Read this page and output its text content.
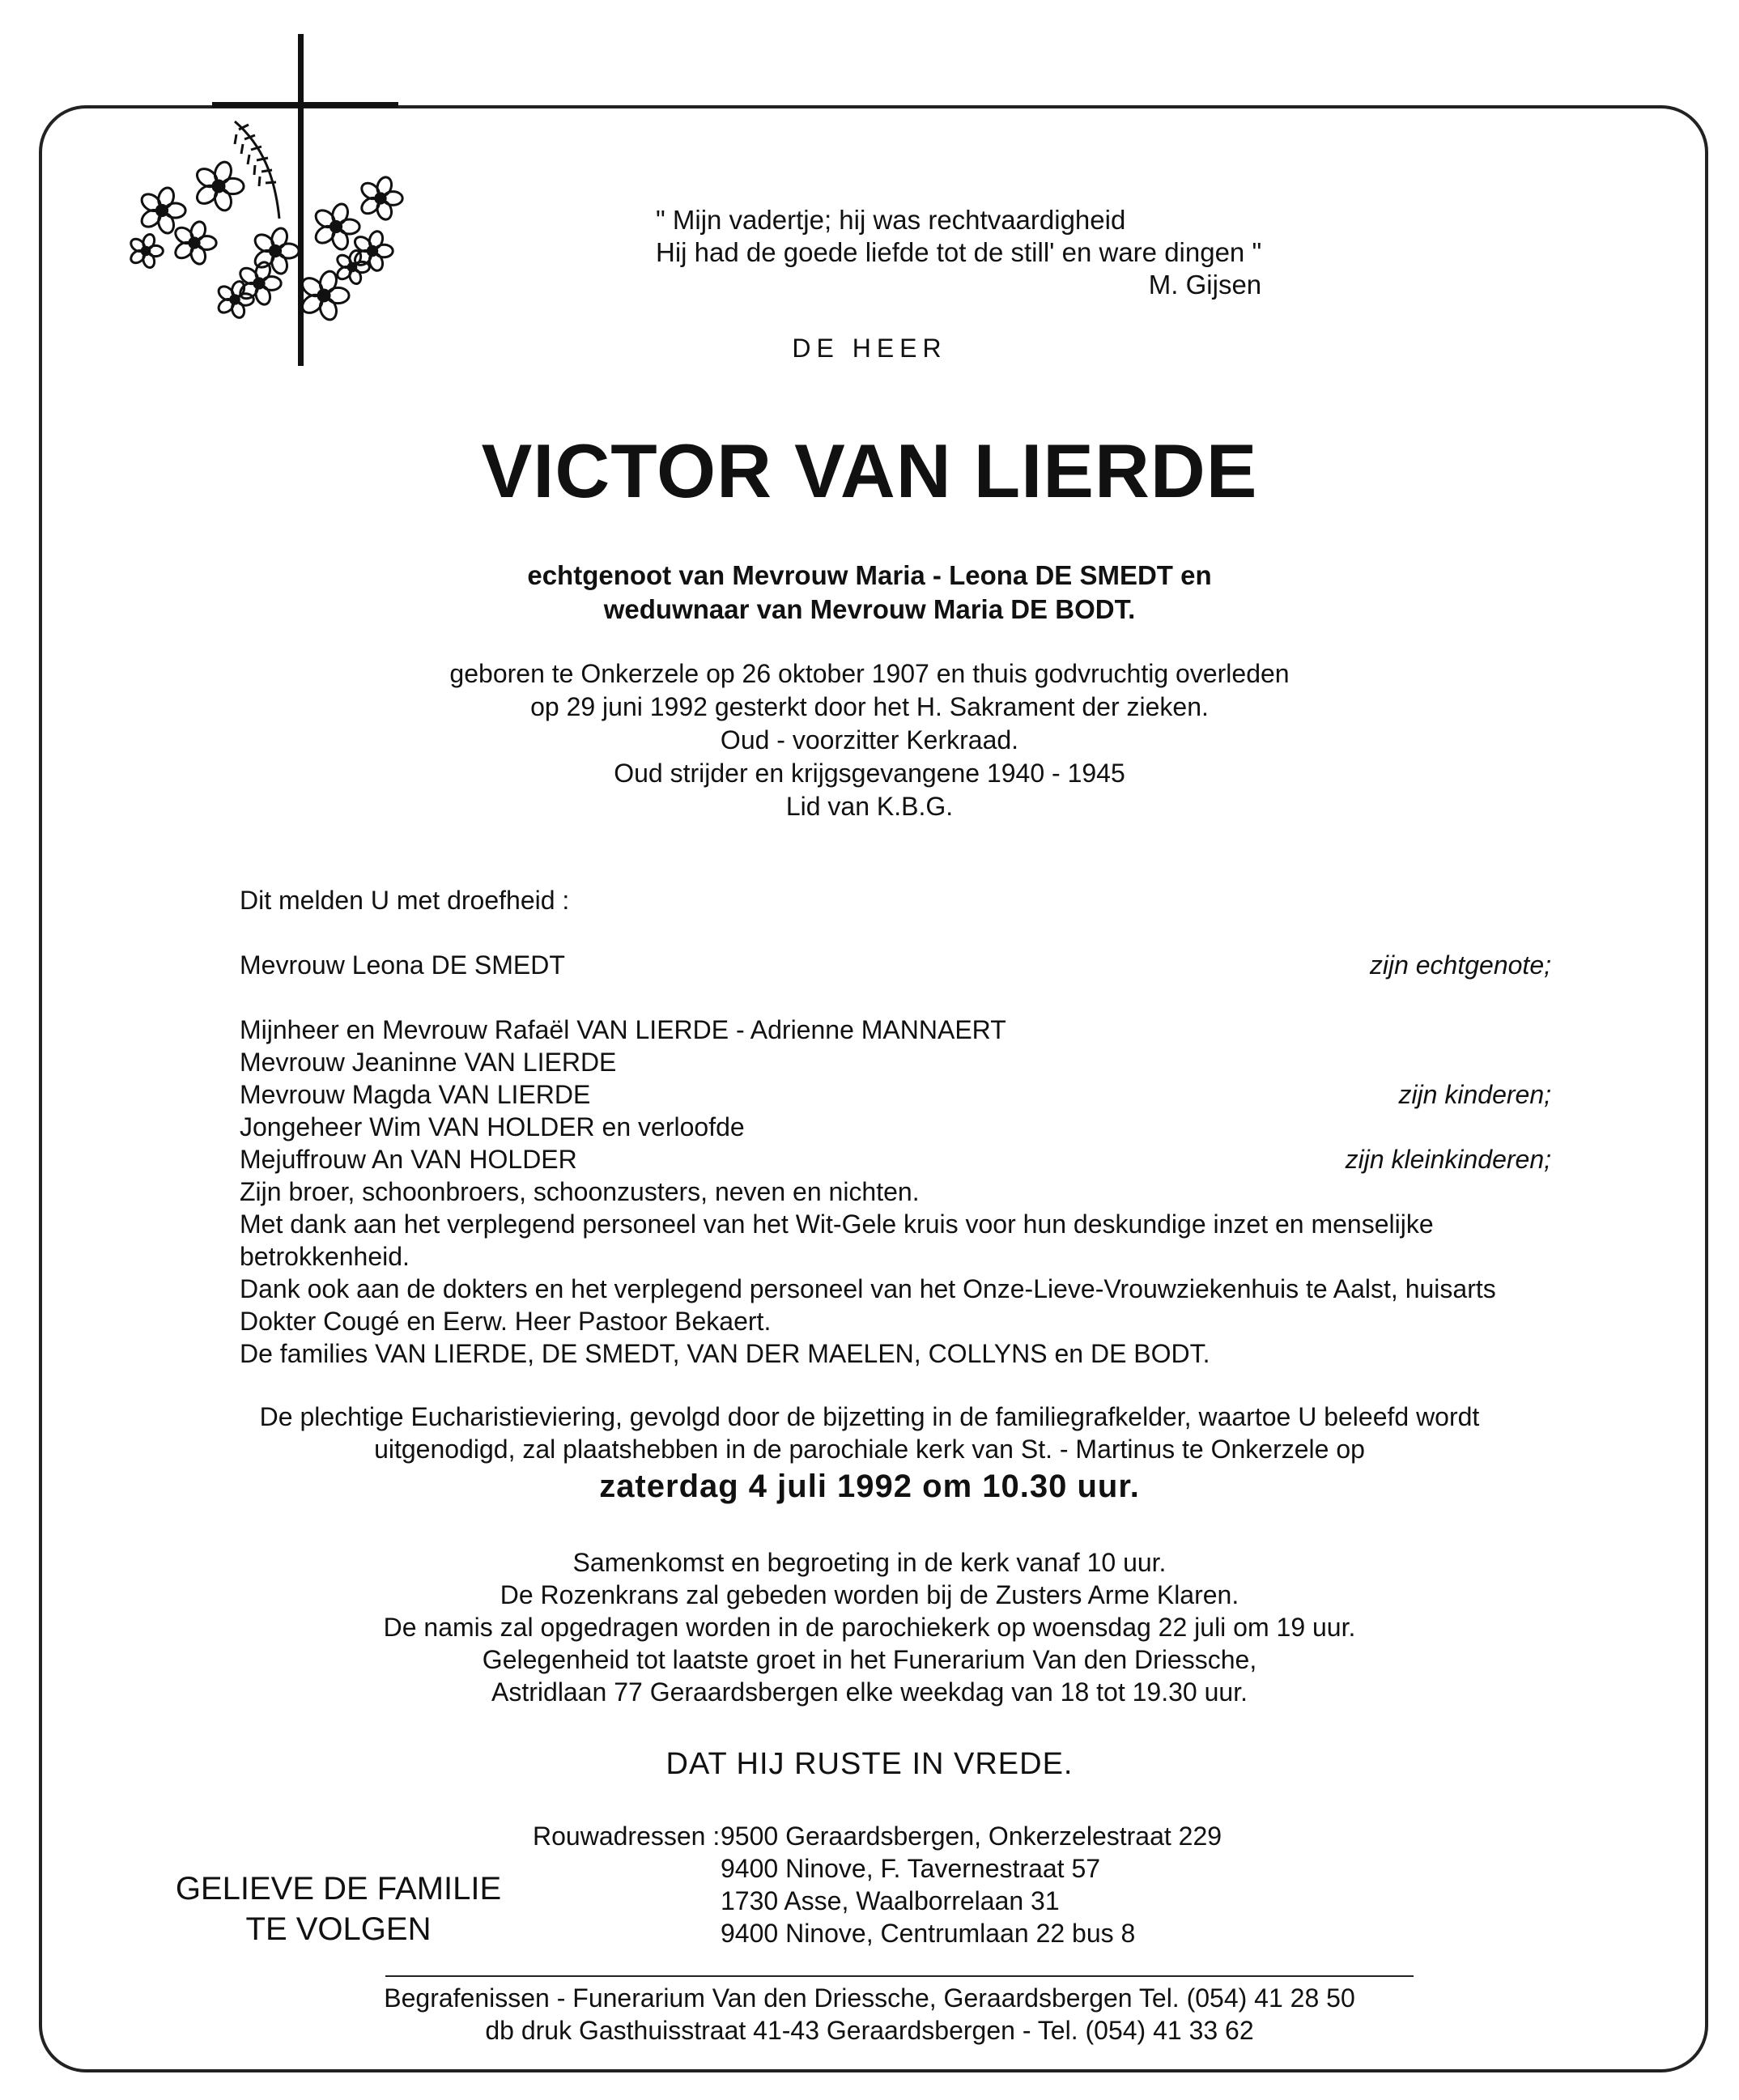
" Mijn vadertje; hij was rechtvaardigheid
Hij had de goede liefde tot de still' en ware dingen "
M. Gijsen
DE HEER
VICTOR VAN LIERDE
echtgenoot van Mevrouw Maria - Leona DE SMEDT en
weduwnaar van Mevrouw Maria DE BODT.
geboren te Onkerzele op 26 oktober 1907 en thuis godvruchtig overleden
op 29 juni 1992 gesterkt door het H. Sakrament der zieken.
Oud - voorzitter Kerkraad.
Oud strijder en krijgsgevangene 1940 - 1945
Lid van K.B.G.
Dit melden U met droefheid :
Mevrouw Leona DE SMEDT	zijn echtgenote;
Mijnheer en Mevrouw Rafaël VAN LIERDE - Adrienne MANNAERT
Mevrouw Jeaninne VAN LIERDE
Mevrouw Magda VAN LIERDE	zijn kinderen;
Jongeheer Wim VAN HOLDER en verloofde
Mejuffrouw An VAN HOLDER	zijn kleinkinderen;
Zijn broer, schoonbroers, schoonzusters, neven en nichten.
Met dank aan het verplegend personeel van het Wit-Gele kruis voor hun deskundige inzet en menselijke
betrokkenheid.
Dank ook aan de dokters en het verplegend personeel van het Onze-Lieve-Vrouwziekenhuis te Aalst, huisarts
Dokter Cougé en Eerw. Heer Pastoor Bekaert.
De families VAN LIERDE, DE SMEDT, VAN DER MAELEN, COLLYNS en DE BODT.
De plechtige Eucharistieviering, gevolgd door de bijzetting in de familiegrafkelder, waartoe U beleefd wordt
uitgenodigd, zal plaatshebben in de parochiale kerk van St. - Martinus te Onkerzele op
zaterdag 4 juli 1992 om 10.30 uur.
Samenkomst en begroeting in de kerk vanaf 10 uur.
De Rozenkrans zal gebeden worden bij de Zusters Arme Klaren.
De namis zal opgedragen worden in de parochiekerk op woensdag 22 juli om 19 uur.
Gelegenheid tot laatste groet in het Funerarium Van den Driessche,
Astridlaan 77 Geraardsbergen elke weekdag van 18 tot 19.30 uur.
DAT HIJ RUSTE IN VREDE.
Rouwadressen : 9500 Geraardsbergen, Onkerzelestraat 229
9400 Ninove, F. Tavernestraat 57
1730 Asse, Waalborrelaan 31
9400 Ninove, Centrumlaan 22 bus 8
GELIEVE DE FAMILIE
TE VOLGEN
Begrafenissen - Funerarium Van den Driessche, Geraardsbergen Tel. (054) 41 28 50
db druk Gasthuisstraat 41-43 Geraardsbergen - Tel. (054) 41 33 62
